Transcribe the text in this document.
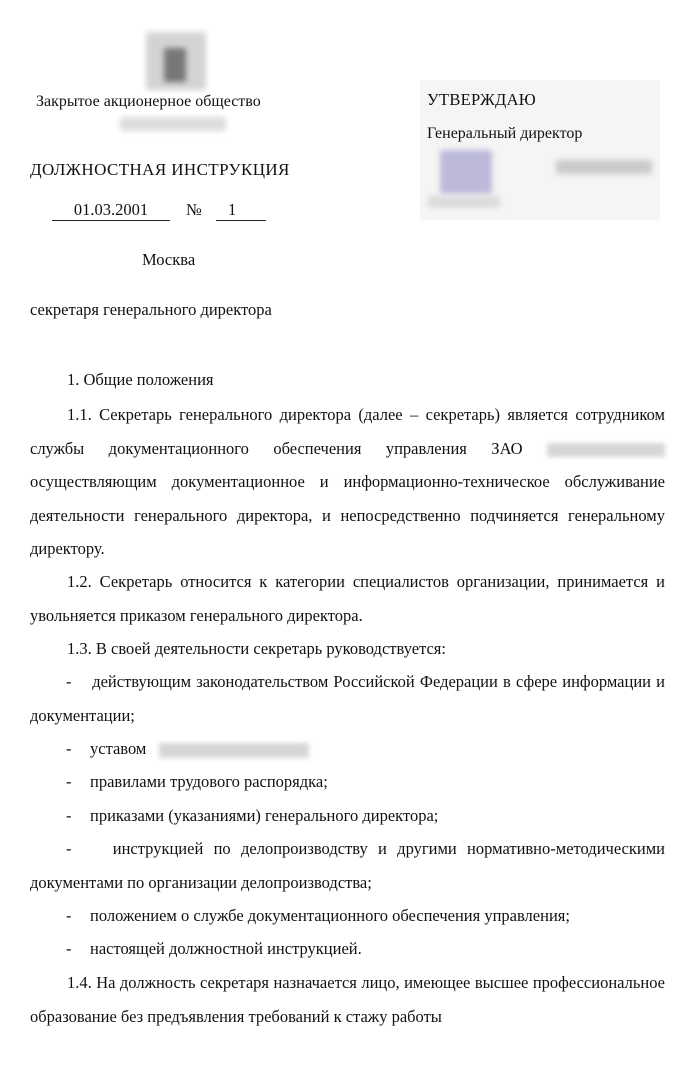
Закрытое акционерное общество	УТВЕРЖДАЮ
Генеральный директор
ДОЛЖНОСТНАЯ ИНСТРУКЦИЯ
01.03.2001	№	1
Москва
секретаря генерального директора
1. Общие положения
1.1. Секретарь генерального директора (далее – секретарь) является сотрудником службы документационного обеспечения управления ЗАО  осуществляющим документационное и информационно-техническое обслуживание деятельности генерального директора, и непосредственно подчиняется генеральному директору.
1.2. Секретарь относится к категории специалистов организации, принимается и увольняется приказом генерального директора.
1.3. В своей деятельности секретарь руководствуется:
- действующим законодательством Российской Федерации в сфере информации и документации;
- уставом
- правилами трудового распорядка;
- приказами (указаниями) генерального директора;
-	инструкцией по делопроизводству и другими нормативно-методическими документами по организации делопроизводства;
- положением о службе документационного обеспечения управления;
- настоящей должностной инструкцией.
1.4. На должность секретаря назначается лицо, имеющее высшее профессиональное образование без предъявления требований к стажу работы
